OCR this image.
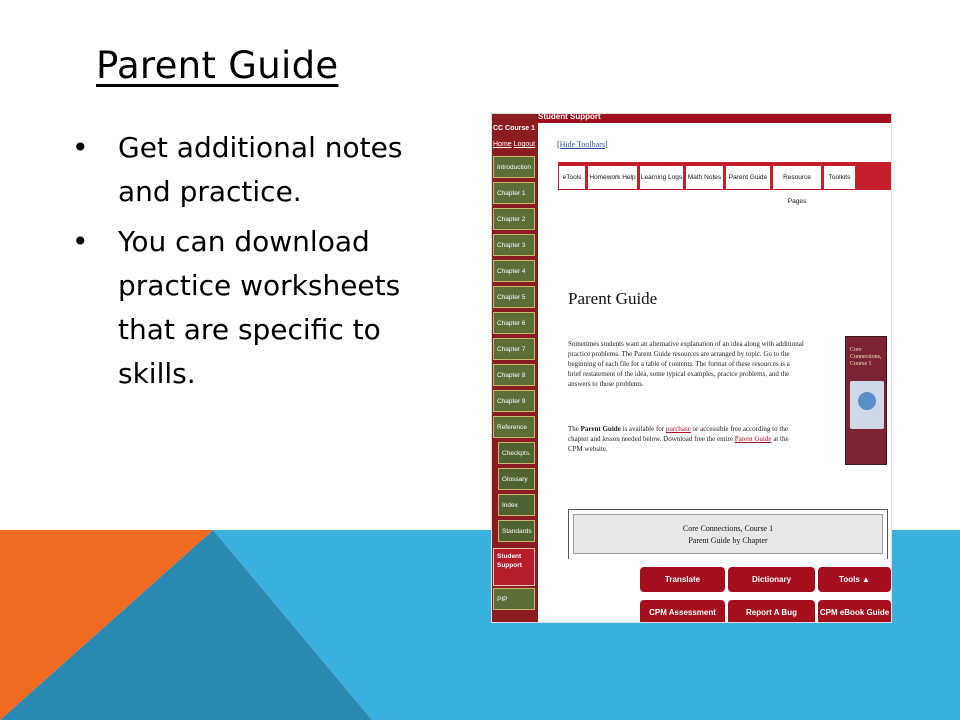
Parent Guide
• Get additional notes and practice.
• You can download practice worksheets that are specific to skills.
Student Support
CC Course 1
Home Logout
Introduction
Chapter 1
Chapter 2
Chapter 3
Chapter 4
Chapter 5
Chapter 6
Chapter 7
Chapter 8
Chapter 9
Reference
Checkpts.
Glossary
Index
Standards
Student
Support
PIP
[Hide Toolbars]
eTools	Homework Help Learning Logs Math Notes	Parent Guide	Resource Pages
Toolkits
Parent Guide
Sometimes students want an alternative explanation of an idea along with additional practice problems. The Parent Guide resources are arranged by topic. Go to the beginning of each file for a table of contents. The format of these resources is a brief restatement of the idea, some typical examples, practce problems, and the answers to those problems.
The Parent Guide is available for purchase or accessible free according to the chapter and lesson needed below. Download free the entire Parent Guide at the CPM website.
Core Connections, Course 1
Core Connections, Course 1
Parent Guide by Chapter
Translate	Dictionary	Tools ▲
CPM Assessment	Report A Bug	CPM eBook Guide
